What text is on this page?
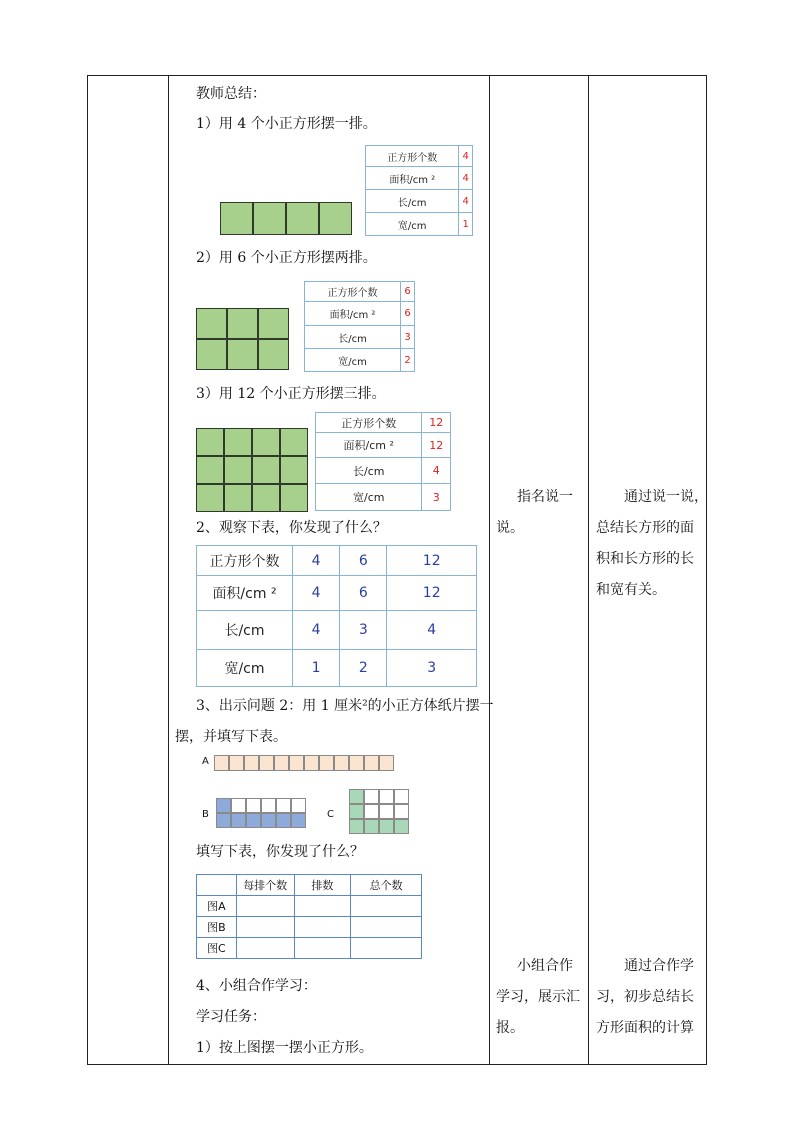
教师总结：
1）用 4 个小正方形摆一排。
正方形个数	4
面积/cm ²	4
长/cm	4
宽/cm	1
2）用 6 个小正方形摆两排。
正方形个数	6
面积/cm ²	6
长/cm	3
宽/cm	2
3）用 12 个小正方形摆三排。
正方形个数	12
面积/cm ²	12
长/cm	4
宽/cm	3
2、观察下表，你发现了什么？
正方形个数	4	6	12
面积/cm ²	4	6	12
长/cm	4	3	4
宽/cm	1	2	3
3、出示问题 2：用 1 厘米²的小正方体纸片摆一
摆，并填写下表。
A
B	C
填写下表，你发现了什么？
	每排个数	排数	总个数
图A			
图B			
图C			
4、小组合作学习：
学习任务：
1）按上图摆一摆小正方形。
指名说一
说。
小组合作
学习，展示汇
报。
通过说一说，
总结长方形的面
积和长方形的长
和宽有关。
通过合作学
习，初步总结长
方形面积的计算
